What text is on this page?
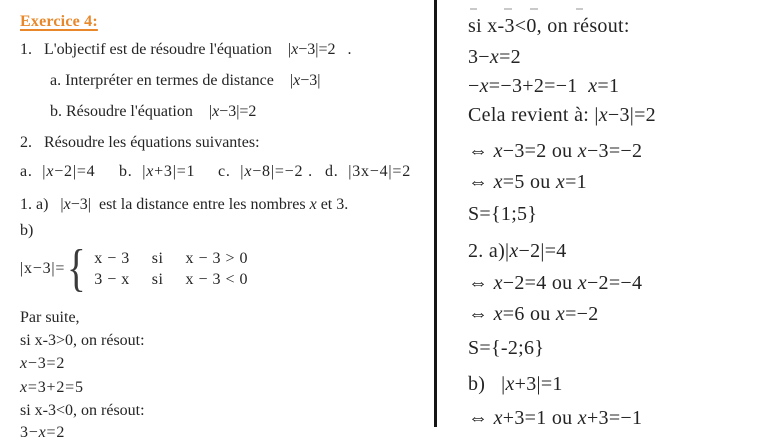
Exercice 4:
1.   L'objectif est de résoudre l'équation    |x−3|=2   .
a. Interpréter en termes de distance    |x−3|
b. Résoudre l'équation    |x−3|=2
2.   Résoudre les équations suivantes:

a.  |x−2|=4

b.  |x+3|=1

c.  |x−8|=−2 .

d.  |3x−4|=2

1. a)   |x−3|  est la distance entre les nombres x et 3.
b)
|x−3|= { x − 3 si x − 3 > 0
3 − x si x − 3 < 0
Par suite,
si x-3>0, on résout:
x−3=2
x=3+2=5
si x-3<0, on résout:
3−x=2
si x-3<0, on résout:
3−x=2
−x=−3+2=−1  x=1
Cela revient à: |x−3|=2
⇔ x−3=2 ou x−3=−2
⇔ x=5 ou x=1
S={1;5}
2. a)|x−2|=4
⇔ x−2=4 ou x−2=−4
⇔ x=6 ou x=−2
S={-2;6}
b)   |x+3|=1
⇔ x+3=1 ou x+3=−1
